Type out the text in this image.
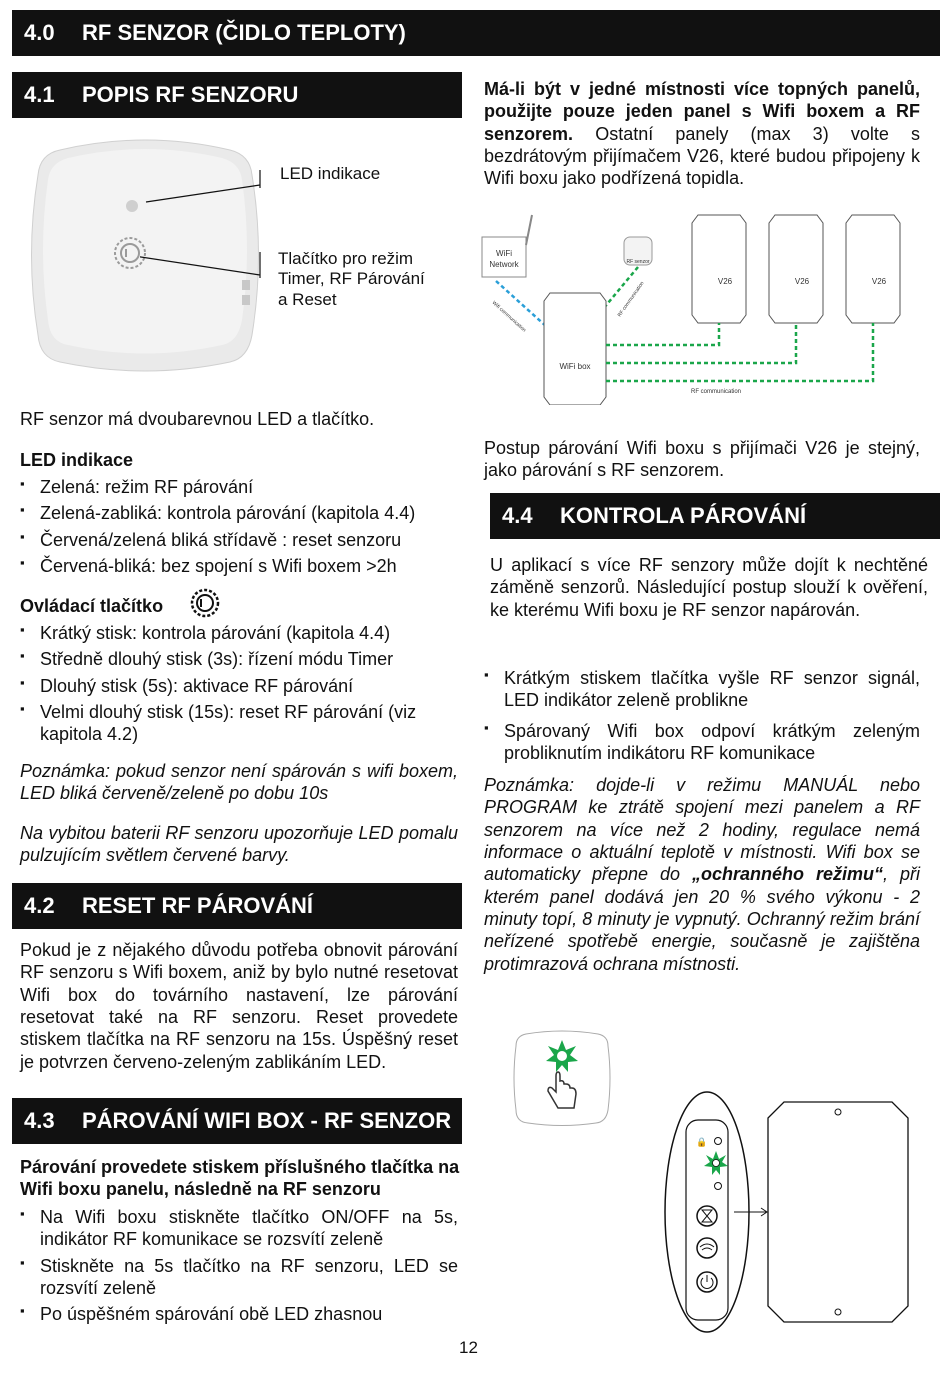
4.0	RF SENZOR (ČIDLO TEPLOTY)
4.1	POPIS RF SENZORU
LED indikace
Tlačítko pro režim
Timer, RF Párování
a Reset
RF senzor má dvoubarevnou LED a tlačítko.
LED indikace
▪ Zelená: režim RF párování
▪ Zelená-zabliká: kontrola párování (kapitola 4.4)
▪ Červená/zelená bliká střídavě : reset senzoru
▪ Červená-bliká: bez spojení s Wifi boxem >2h
Ovládací tlačítko
▪ Krátký stisk: kontrola párování (kapitola 4.4)
▪ Středně dlouhý stisk (3s): řízení módu Timer
▪ Dlouhý stisk (5s): aktivace RF párování
▪ Velmi dlouhý stisk (15s): reset RF párování (viz kapitola 4.2)
Poznámka: pokud senzor není spárován s wifi boxem, LED bliká červeně/zeleně po dobu 10s
Na vybitou baterii RF senzoru upozorňuje LED pomalu pulzujícím světlem červené barvy.
4.2	RESET RF PÁROVÁNÍ
Pokud je z nějakého důvodu potřeba obnovit párování RF senzoru s Wifi boxem, aniž by bylo nutné resetovat Wifi box do továrního nastavení, lze párování resetovat také na RF senzoru. Reset provedete stiskem tlačítka na RF senzoru na 15s. Úspěšný reset je potvrzen červeno-zeleným zablikáním LED.
4.3	PÁROVÁNÍ WIFI BOX - RF SENZOR
Párování provedete stiskem příslušného tlačítka na Wifi boxu panelu, následně na RF senzoru
▪ Na Wifi boxu stiskněte tlačítko ON/OFF na 5s, indikátor RF komunikace se rozsvítí zeleně
▪ Stiskněte na 5s tlačítko na RF senzoru, LED se rozsvítí zeleně
▪ Po úspěšném spárování obě LED zhasnou
Má-li být v jedné místnosti více topných panelů, použijte pouze jeden panel s Wifi boxem a RF senzorem. Ostatní panely (max 3) volte s bezdrátovým přijímačem V26, které budou připojeny k Wifi boxu jako podřízená topidla.
WiFi
Network	RF senzor
Wifi communication	RF communication
WiFi box
V26	V26	V26
RF communication
Postup párování Wifi boxu s přijímači V26 je stejný, jako párování s RF senzorem.
4.4	KONTROLA PÁROVÁNÍ
U aplikací s více RF senzory může dojít k nechtěné záměně senzorů. Následující postup slouží k ověření, ke kterému Wifi boxu je RF senzor napárován.
▪ Krátkým stiskem tlačítka vyšle RF senzor signál, LED indikátor zeleně problikne
▪ Spárovaný Wifi box odpoví krátkým zeleným probliknutím indikátoru RF komunikace
Poznámka: dojde-li v režimu MANUÁL nebo PROGRAM ke ztrátě spojení mezi panelem a RF senzorem na více než 2 hodiny, regulace nemá informace o aktuální teplotě v místnosti. Wifi box se automaticky přepne do „ochranného režimu“, při kterém panel dodává jen 20 % svého výkonu - 2 minuty topí, 8 minuty je vypnutý. Ochranný režim brání neřízené spotřebě energie, současně je zajištěna protimrazová ochrana místnosti.
🔒
12
